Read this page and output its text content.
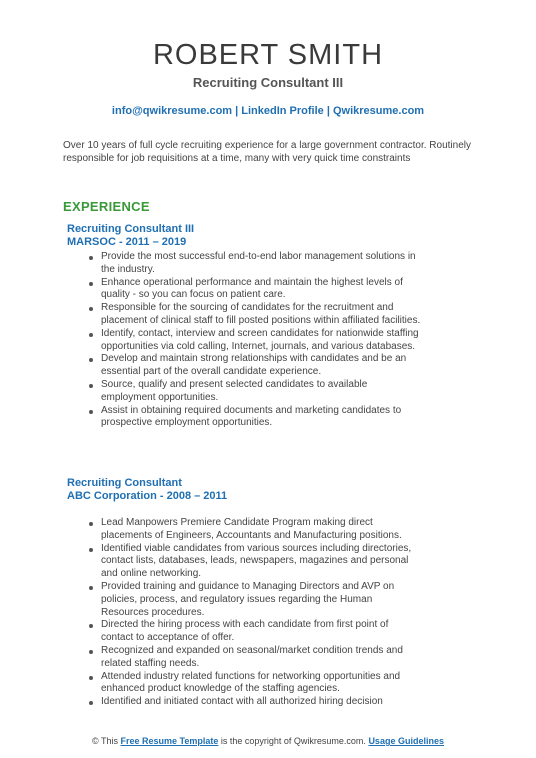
ROBERT SMITH
Recruiting Consultant III
info@qwikresume.com | LinkedIn Profile | Qwikresume.com
Over 10 years of full cycle recruiting experience for a large government contractor. Routinely responsible for job requisitions at a time, many with very quick time constraints
EXPERIENCE
Recruiting Consultant III
MARSOC - 2011 – 2019
Provide the most successful end-to-end labor management solutions in the industry.
Enhance operational performance and maintain the highest levels of quality - so you can focus on patient care.
Responsible for the sourcing of candidates for the recruitment and placement of clinical staff to fill posted positions within affiliated facilities.
Identify, contact, interview and screen candidates for nationwide staffing opportunities via cold calling, Internet, journals, and various databases.
Develop and maintain strong relationships with candidates and be an essential part of the overall candidate experience.
Source, qualify and present selected candidates to available employment opportunities.
Assist in obtaining required documents and marketing candidates to prospective employment opportunities.
Recruiting Consultant
ABC Corporation - 2008 – 2011
Lead Manpowers Premiere Candidate Program making direct placements of Engineers, Accountants and Manufacturing positions.
Identified viable candidates from various sources including directories, contact lists, databases, leads, newspapers, magazines and personal and online networking.
Provided training and guidance to Managing Directors and AVP on policies, process, and regulatory issues regarding the Human Resources procedures.
Directed the hiring process with each candidate from first point of contact to acceptance of offer.
Recognized and expanded on seasonal/market condition trends and related staffing needs.
Attended industry related functions for networking opportunities and enhanced product knowledge of the staffing agencies.
Identified and initiated contact with all authorized hiring decision
© This Free Resume Template is the copyright of Qwikresume.com. Usage Guidelines
